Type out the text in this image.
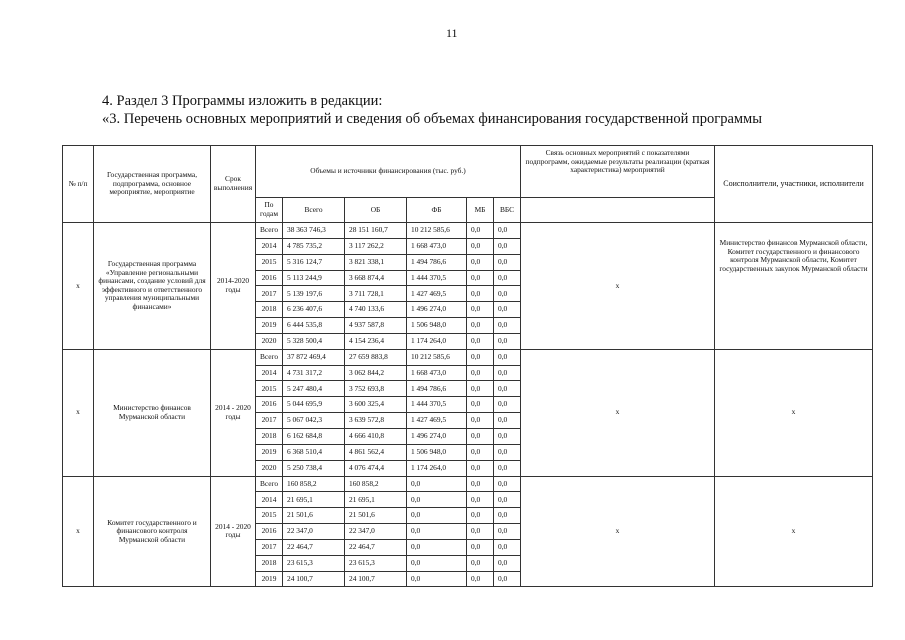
11
4. Раздел 3 Программы изложить в редакции:
«3. Перечень основных мероприятий и сведения об объемах финансирования государственной программы
№ п/п	Государственная программа, подпрограмма, основное мероприятие, мероприятие	Срок выполнения	Объемы и источники финансирования (тыс. руб.)						Связь основных мероприятий с показателями подпрограмм, ожидаемые результаты реализации (краткая характеристика) мероприятий	Соисполнители, участники, исполнители
			По годам	Всего	ОБ	ФБ	МБ	ВБС		
x	Государственная программа «Управление региональными финансами, создание условий для эффективного и ответственного управления муниципальными финансами»	2014-2020 годы	Всего	38 363 746,3	28 151 160,7	10 212 585,6	0,0	0,0	x	Министерство финансов Мурманской области, Комитет государственного и финансового контроля Мурманской области, Комитет государственных закупок Мурманской области
			2014	4 785 735,2	3 117 262,2	1 668 473,0	0,0	0,0		
			2015	5 316 124,7	3 821 338,1	1 494 786,6	0,0	0,0		
			2016	5 113 244,9	3 668 874,4	1 444 370,5	0,0	0,0		
			2017	5 139 197,6	3 711 728,1	1 427 469,5	0,0	0,0		
			2018	6 236 407,6	4 740 133,6	1 496 274,0	0,0	0,0		
			2019	6 444 535,8	4 937 587,8	1 506 948,0	0,0	0,0		
			2020	5 328 500,4	4 154 236,4	1 174 264,0	0,0	0,0		
x	Министерство финансов Мурманской области	2014 - 2020 годы	Всего	37 872 469,4	27 659 883,8	10 212 585,6	0,0	0,0	x	x
			2014	4 731 317,2	3 062 844,2	1 668 473,0	0,0	0,0		
			2015	5 247 480,4	3 752 693,8	1 494 786,6	0,0	0,0		
			2016	5 044 695,9	3 600 325,4	1 444 370,5	0,0	0,0		
			2017	5 067 042,3	3 639 572,8	1 427 469,5	0,0	0,0		
			2018	6 162 684,8	4 666 410,8	1 496 274,0	0,0	0,0		
			2019	6 368 510,4	4 861 562,4	1 506 948,0	0,0	0,0		
			2020	5 250 738,4	4 076 474,4	1 174 264,0	0,0	0,0		
x	Комитет государственного и финансового контроля Мурманской области	2014 - 2020 годы	Всего	160 858,2	160 858,2	0,0	0,0	0,0	x	x
			2014	21 695,1	21 695,1	0,0	0,0	0,0		
			2015	21 501,6	21 501,6	0,0	0,0	0,0		
			2016	22 347,0	22 347,0	0,0	0,0	0,0		
			2017	22 464,7	22 464,7	0,0	0,0	0,0		
			2018	23 615,3	23 615,3	0,0	0,0	0,0		
			2019	24 100,7	24 100,7	0,0	0,0	0,0		
